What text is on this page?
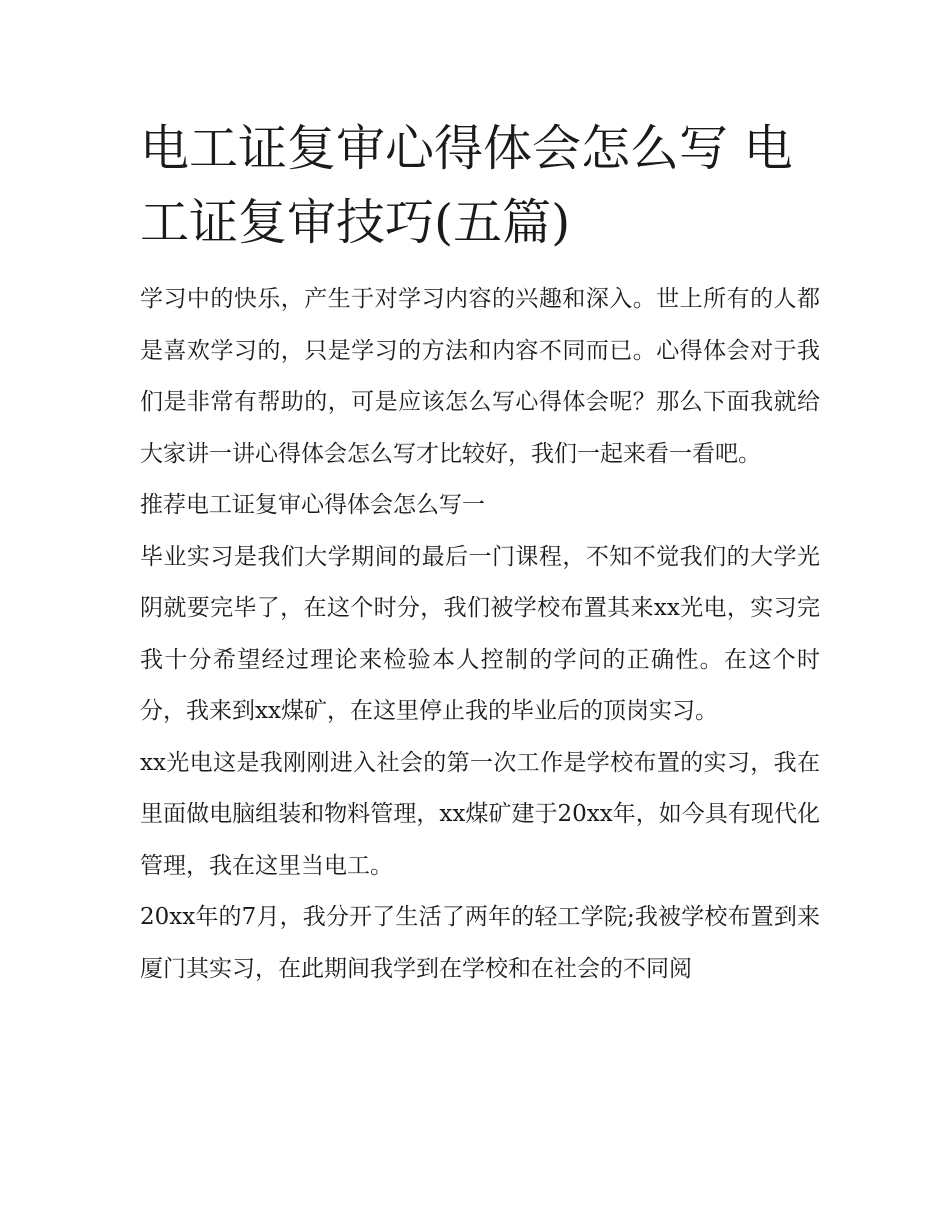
电工证复审心得体会怎么写 电工证复审技巧(五篇)

学习中的快乐，产生于对学习内容的兴趣和深入。世上所有的人都是喜欢学习的，只是学习的方法和内容不同而已。心得体会对于我们是非常有帮助的，可是应该怎么写心得体会呢？那么下面我就给大家讲一讲心得体会怎么写才比较好，我们一起来看一看吧。

推荐电工证复审心得体会怎么写一

毕业实习是我们大学期间的最后一门课程，不知不觉我们的大学光阴就要完毕了，在这个时分，我们被学校布置其来xx光电，实习完我十分希望经过理论来检验本人控制的学问的正确性。在这个时分，我来到xx煤矿，在这里停止我的毕业后的顶岗实习。

xx光电这是我刚刚进入社会的第一次工作是学校布置的实习，我在里面做电脑组装和物料管理，xx煤矿建于20xx年，如今具有现代化管理，我在这里当电工。

20xx年的7月，我分开了生活了两年的轻工学院;我被学校布置到来厦门其实习，在此期间我学到在学校和在社会的不同阅
